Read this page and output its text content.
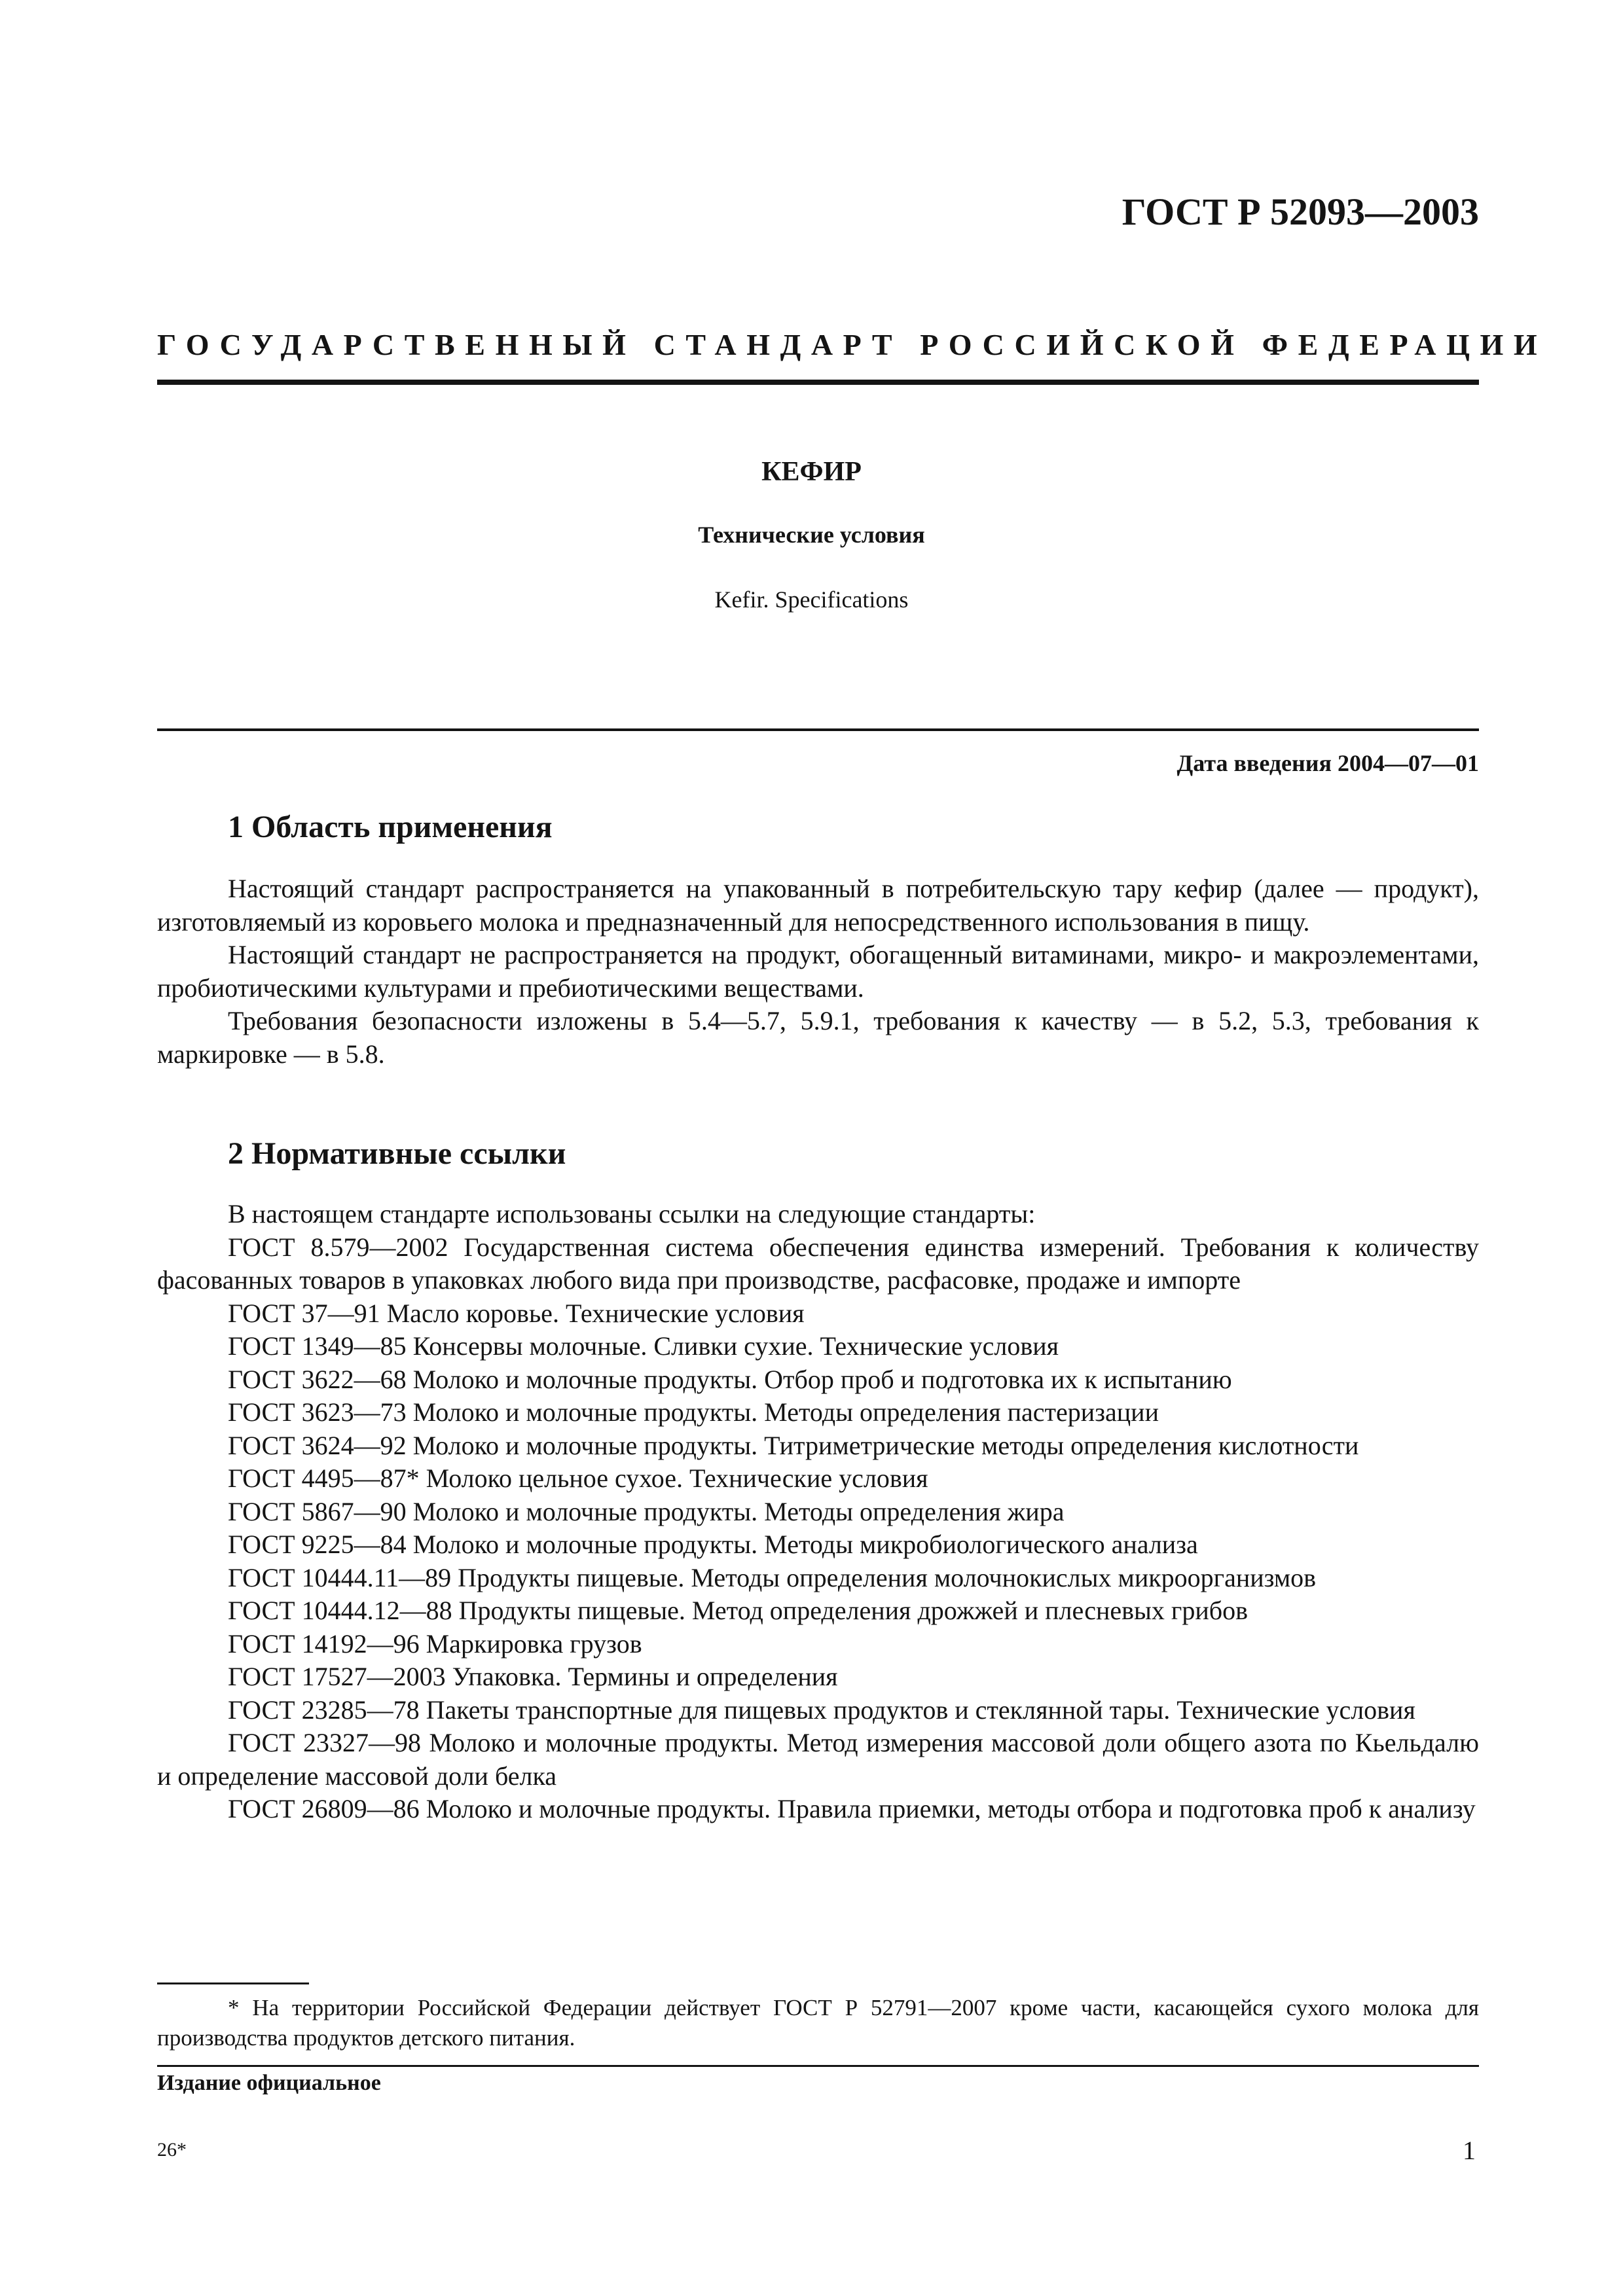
ГОСТ Р 52093—2003
ГОСУДАРСТВЕННЫЙ СТАНДАРТ РОССИЙСКОЙ ФЕДЕРАЦИИ
КЕФИР
Технические условия
Kefir. Specifications
Дата введения 2004—07—01
1 Область применения

Настоящий стандарт распространяется на упакованный в потребительскую тару кефир (далее — продукт), изготовляемый из коровьего молока и предназначенный для непосредственного использования в пищу.

Настоящий стандарт не распространяется на продукт, обогащенный витаминами, микро- и макроэлементами, пробиотическими культурами и пребиотическими веществами.

Требования безопасности изложены в 5.4—5.7, 5.9.1, требования к качеству — в 5.2, 5.3, требования к маркировке — в 5.8.

2 Нормативные ссылки

В настоящем стандарте использованы ссылки на следующие стандарты:

ГОСТ 8.579—2002 Государственная система обеспечения единства измерений. Требования к количеству фасованных товаров в упаковках любого вида при производстве, расфасовке, продаже и импорте

ГОСТ 37—91 Масло коровье. Технические условия

ГОСТ 1349—85 Консервы молочные. Сливки сухие. Технические условия

ГОСТ 3622—68 Молоко и молочные продукты. Отбор проб и подготовка их к испытанию

ГОСТ 3623—73 Молоко и молочные продукты. Методы определения пастеризации

ГОСТ 3624—92 Молоко и молочные продукты. Титриметрические методы определения кислотности

ГОСТ 4495—87* Молоко цельное сухое. Технические условия

ГОСТ 5867—90 Молоко и молочные продукты. Методы определения жира

ГОСТ 9225—84 Молоко и молочные продукты. Методы микробиологического анализа

ГОСТ 10444.11—89 Продукты пищевые. Методы определения молочнокислых микроорганизмов

ГОСТ 10444.12—88 Продукты пищевые. Метод определения дрожжей и плесневых грибов

ГОСТ 14192—96 Маркировка грузов

ГОСТ 17527—2003 Упаковка. Термины и определения

ГОСТ 23285—78 Пакеты транспортные для пищевых продуктов и стеклянной тары. Технические условия

ГОСТ 23327—98 Молоко и молочные продукты. Метод измерения массовой доли общего азота по Кьельдалю и определение массовой доли белка

ГОСТ 26809—86 Молоко и молочные продукты. Правила приемки, методы отбора и подготовка проб к анализу

* На территории Российской Федерации действует ГОСТ Р 52791—2007 кроме части, касающейся сухого молока для производства продуктов детского питания.

Издание официальное
26*	1
